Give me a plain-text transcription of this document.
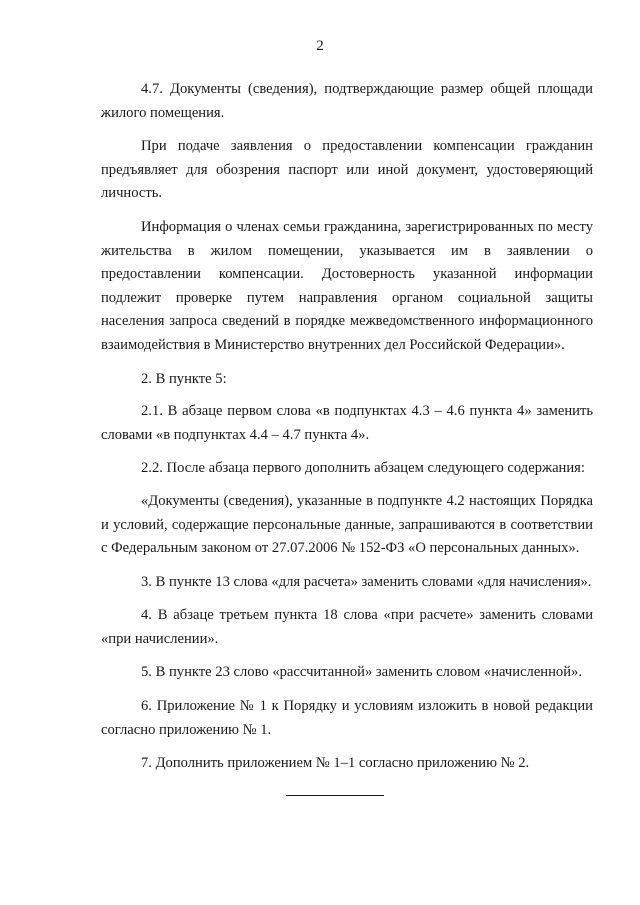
2

4.7. Документы (сведения), подтверждающие размер общей площади жилого помещения.

При подаче заявления о предоставлении компенсации гражданин предъявляет для обозрения паспорт или иной документ, удостоверяющий личность.

Информация о членах семьи гражданина, зарегистрированных по месту жительства в жилом помещении, указывается им в заявлении о предоставлении компенсации. Достоверность указанной информации подлежит проверке путем направления органом социальной защиты населения запроса сведений в порядке межведомственного информационного взаимодействия в Министерство внутренних дел Российской Федерации».

2. В пункте 5:

2.1. В абзаце первом слова «в подпунктах 4.3 – 4.6 пункта 4» заменить словами «в подпунктах 4.4 – 4.7 пункта 4».

2.2. После абзаца первого дополнить абзацем следующего содержания:

«Документы (сведения), указанные в подпункте 4.2 настоящих Порядка и условий, содержащие персональные данные, запрашиваются в соответствии с Федеральным законом от 27.07.2006 № 152-ФЗ «О персональных данных».

3. В пункте 13 слова «для расчета» заменить словами «для начисления».

4. В абзаце третьем пункта 18 слова «при расчете» заменить словами «при начислении».

5. В пункте 23 слово «рассчитанной» заменить словом «начисленной».

6. Приложение № 1 к Порядку и условиям изложить в новой редакции согласно приложению № 1.

7. Дополнить приложением № 1–1 согласно приложению № 2.
